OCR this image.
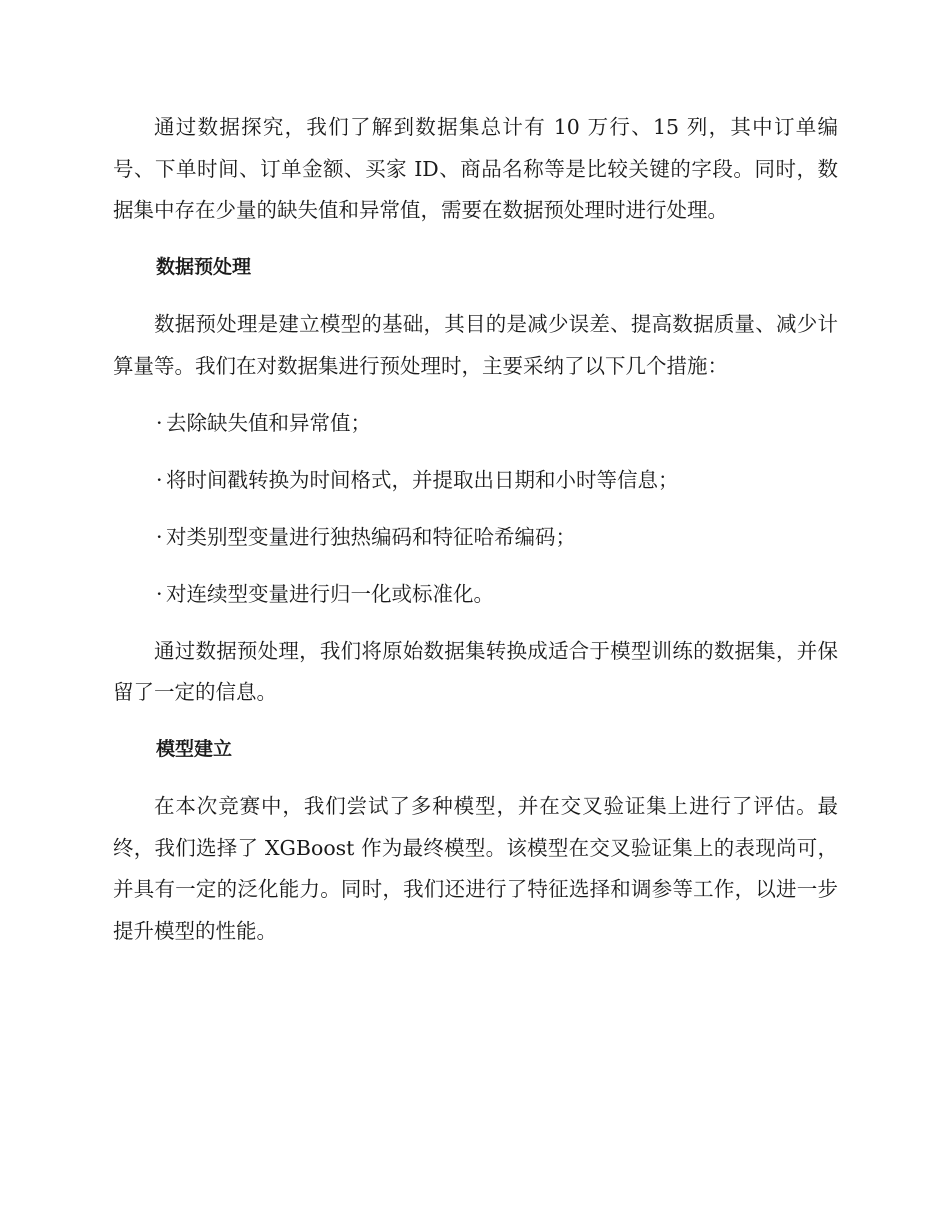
通过数据探究，我们了解到数据集总计有 10 万行、15 列，其中订单编号、下单时间、订单金额、买家 ID、商品名称等是比较关键的字段。同时，数据集中存在少量的缺失值和异常值，需要在数据预处理时进行处理。

数据预处理

数据预处理是建立模型的基础，其目的是减少误差、提高数据质量、减少计算量等。我们在对数据集进行预处理时，主要采纳了以下几个措施：

· 去除缺失值和异常值；
· 将时间戳转换为时间格式，并提取出日期和小时等信息；
· 对类别型变量进行独热编码和特征哈希编码；
· 对连续型变量进行归一化或标准化。

通过数据预处理，我们将原始数据集转换成适合于模型训练的数据集，并保留了一定的信息。

模型建立

在本次竞赛中，我们尝试了多种模型，并在交叉验证集上进行了评估。最终，我们选择了 XGBoost 作为最终模型。该模型在交叉验证集上的表现尚可，并具有一定的泛化能力。同时，我们还进行了特征选择和调参等工作，以进一步提升模型的性能。
